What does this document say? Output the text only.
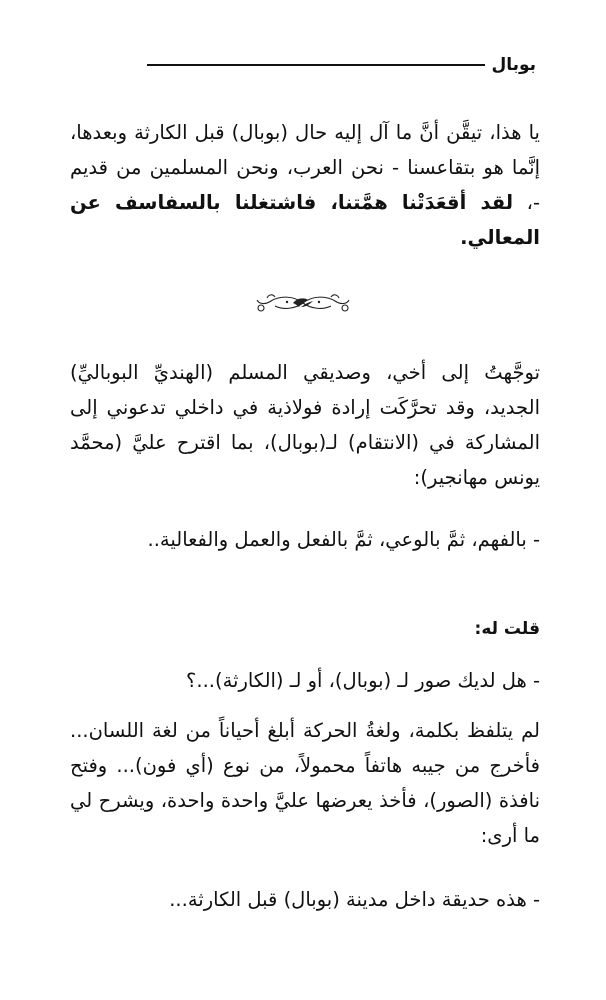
بوبال

يا هذا، تيقَّن أنَّ ما آل إليه حال (بوبال) قبل الكارثة وبعدها، إنَّما هو بتقاعسنا - نحن العرب، ونحن المسلمين من قديم -، لقد أقعَدَتْنا همَّتنا، فاشتغلنا بالسفاسف عن المعالي.

توجَّهتُ إلى أخي، وصديقي المسلم (الهنديِّ البوباليِّ) الجديد، وقد تحرَّكَت إرادة فولاذية في داخلي تدعوني إلى المشاركة في (الانتقام) لـ(بوبال)، بما اقترح عليَّ (محمَّد يونس مهانجير):

- بالفهم، ثمَّ بالوعي، ثمَّ بالفعل والعمل والفعالية..

قلت له:

- هل لديك صور لـ (بوبال)، أو لـ (الكارثة)...؟

لم يتلفظ بكلمة، ولغةُ الحركة أبلغ أحياناً من لغة اللسان... فأخرج من جيبه هاتفاً محمولاً، من نوع (أي فون)... وفتح نافذة (الصور)، فأخذ يعرضها عليَّ واحدة واحدة، ويشرح لي ما أرى:

- هذه حديقة داخل مدينة (بوبال) قبل الكارثة...
